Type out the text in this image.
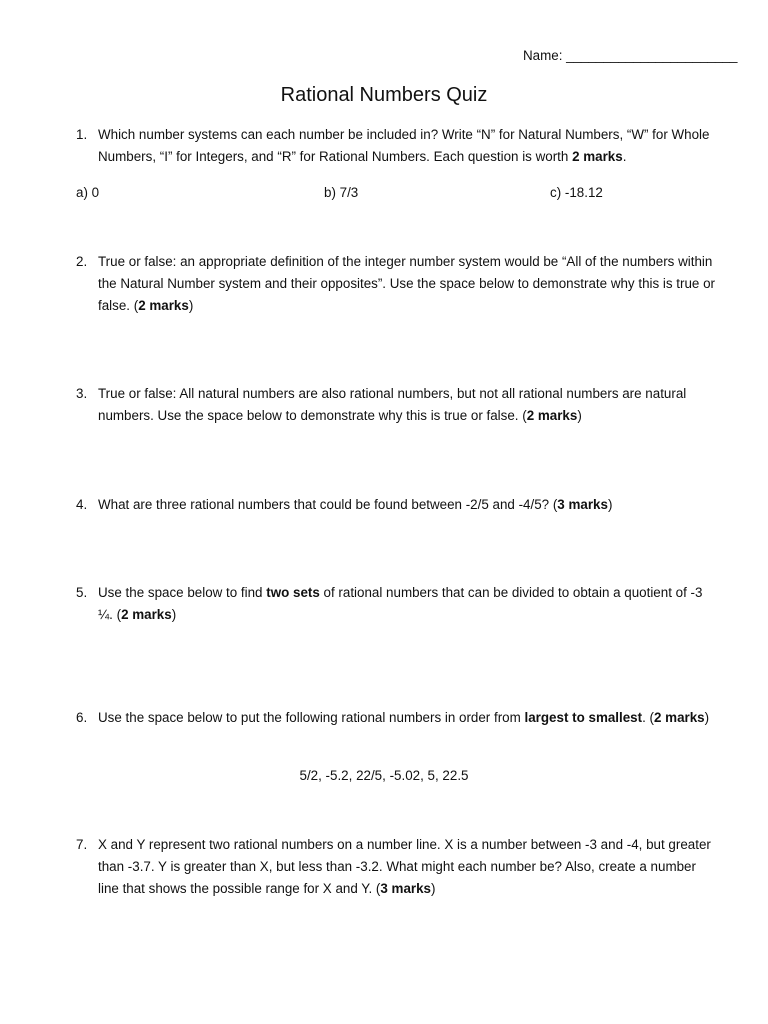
Name: _______________________
Rational Numbers Quiz
1. Which number systems can each number be included in? Write “N” for Natural Numbers, “W” for Whole Numbers, “I” for Integers, and “R” for Rational Numbers. Each question is worth 2 marks.
a) 0	b) 7/3	c) -18.12
2. True or false: an appropriate definition of the integer number system would be “All of the numbers within the Natural Number system and their opposites”. Use the space below to demonstrate why this is true or false. (2 marks)
3. True or false: All natural numbers are also rational numbers, but not all rational numbers are natural numbers. Use the space below to demonstrate why this is true or false. (2 marks)
4. What are three rational numbers that could be found between -2/5 and -4/5? (3 marks)
5. Use the space below to find two sets of rational numbers that can be divided to obtain a quotient of -3 ¼. (2 marks)
6. Use the space below to put the following rational numbers in order from largest to smallest. (2 marks)
5/2, -5.2, 22/5, -5.02, 5, 22.5
7. X and Y represent two rational numbers on a number line. X is a number between -3 and -4, but greater than -3.7. Y is greater than X, but less than -3.2. What might each number be? Also, create a number line that shows the possible range for X and Y. (3 marks)
